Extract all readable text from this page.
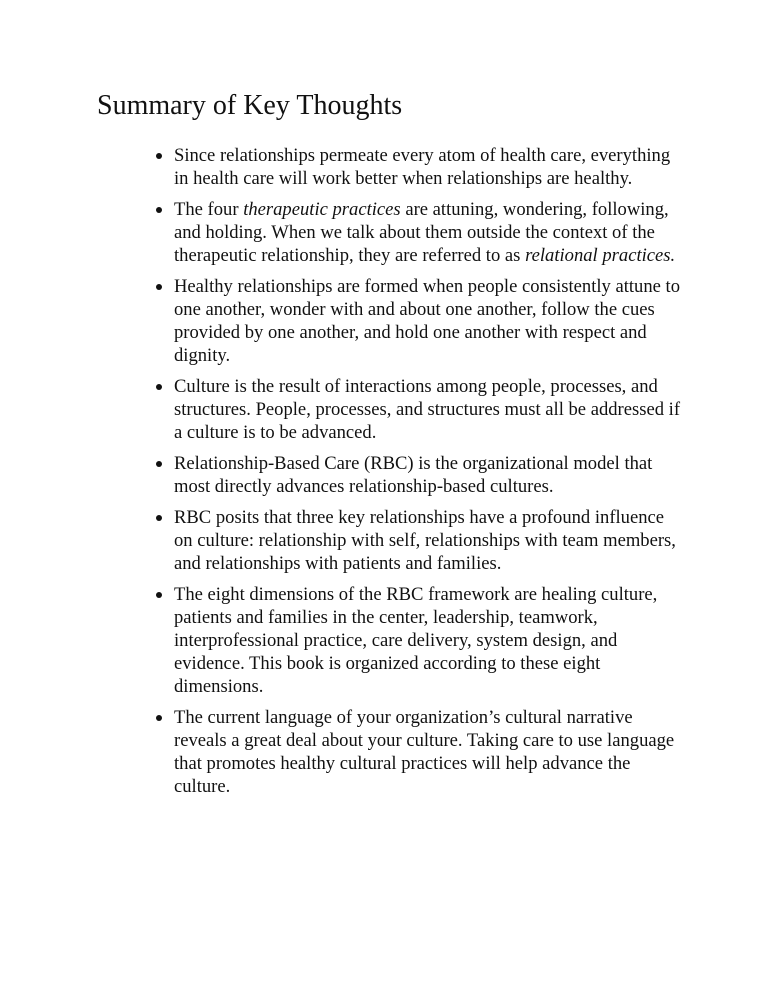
Summary of Key Thoughts
Since relationships permeate every atom of health care, everything in health care will work better when relationships are healthy.
The four therapeutic practices are attuning, wondering, following, and holding. When we talk about them outside the context of the therapeutic relationship, they are referred to as relational practices.
Healthy relationships are formed when people consistently attune to one another, wonder with and about one another, follow the cues provided by one another, and hold one another with respect and dignity.
Culture is the result of interactions among people, processes, and structures. People, processes, and structures must all be addressed if a culture is to be advanced.
Relationship-Based Care (RBC) is the organizational model that most directly advances relationship-based cultures.
RBC posits that three key relationships have a profound influence on culture: relationship with self, relationships with team members, and relationships with patients and families.
The eight dimensions of the RBC framework are healing culture, patients and families in the center, leadership, teamwork, interprofessional practice, care delivery, system design, and evidence. This book is organized according to these eight dimensions.
The current language of your organization’s cultural narrative reveals a great deal about your culture. Taking care to use language that promotes healthy cultural practices will help advance the culture.
